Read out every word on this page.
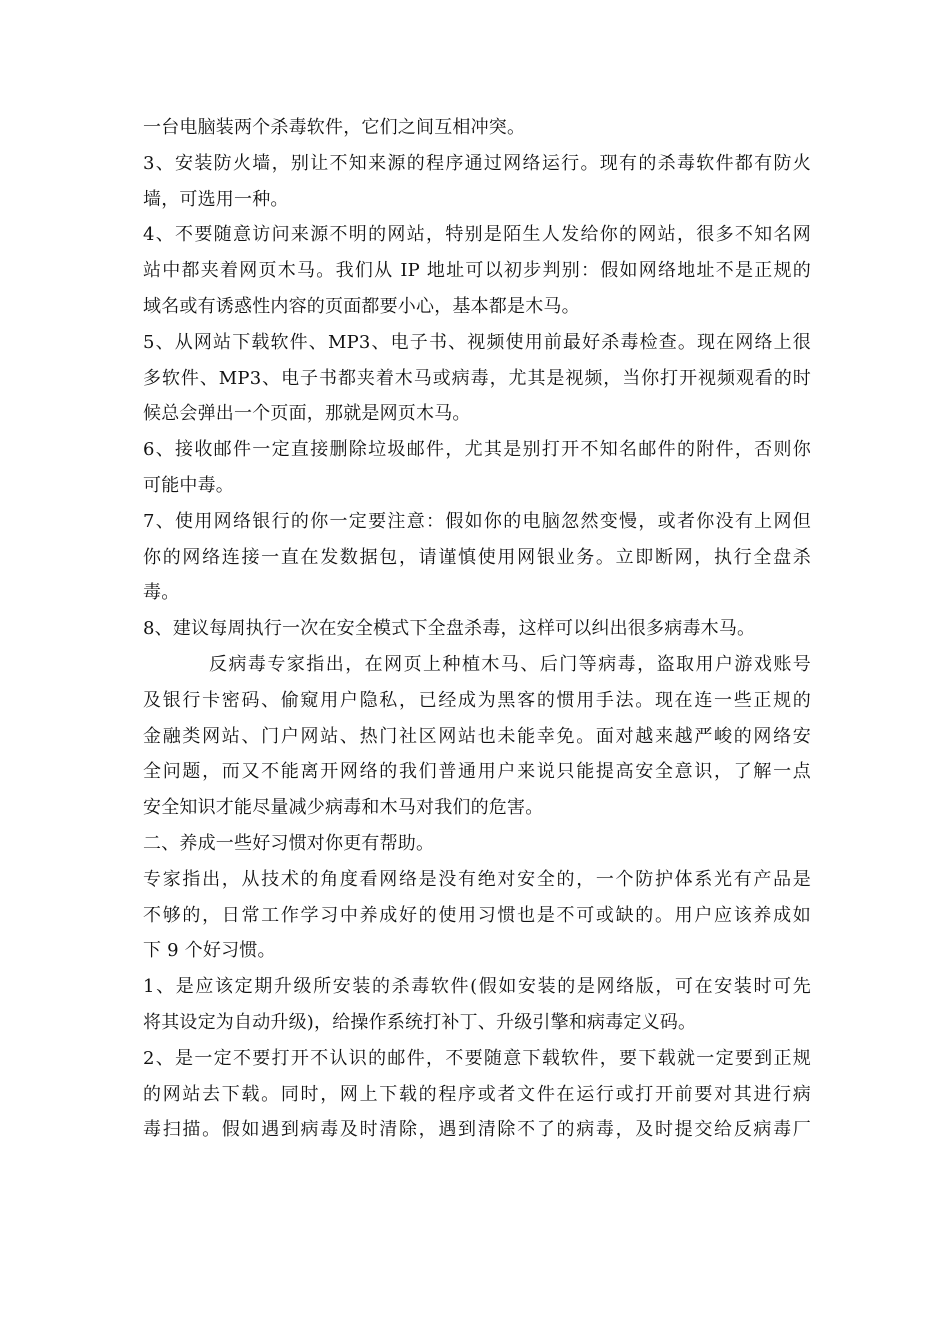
一台电脑装两个杀毒软件，它们之间互相冲突。
3、安装防火墙，别让不知来源的程序通过网络运行。现有的杀毒软件都有防火
墙，可选用一种。
4、不要随意访问来源不明的网站，特别是陌生人发给你的网站，很多不知名网
站中都夹着网页木马。我们从 IP 地址可以初步判别：假如网络地址不是正规的
域名或有诱惑性内容的页面都要小心，基本都是木马。
5、从网站下载软件、MP3、电子书、视频使用前最好杀毒检查。现在网络上很
多软件、MP3、电子书都夹着木马或病毒，尤其是视频，当你打开视频观看的时
候总会弹出一个页面，那就是网页木马。
6、接收邮件一定直接删除垃圾邮件，尤其是别打开不知名邮件的附件，否则你
可能中毒。
7、使用网络银行的你一定要注意：假如你的电脑忽然变慢，或者你没有上网但
你的网络连接一直在发数据包，请谨慎使用网银业务。立即断网，执行全盘杀
毒。
8、建议每周执行一次在安全模式下全盘杀毒，这样可以纠出很多病毒木马。
反病毒专家指出，在网页上种植木马、后门等病毒，盗取用户游戏账号
及银行卡密码、偷窥用户隐私，已经成为黑客的惯用手法。现在连一些正规的
金融类网站、门户网站、热门社区网站也未能幸免。面对越来越严峻的网络安
全问题，而又不能离开网络的我们普通用户来说只能提高安全意识，了解一点
安全知识才能尽量减少病毒和木马对我们的危害。
二、养成一些好习惯对你更有帮助。
专家指出，从技术的角度看网络是没有绝对安全的，一个防护体系光有产品是
不够的，日常工作学习中养成好的使用习惯也是不可或缺的。用户应该养成如
下 9 个好习惯。
1、是应该定期升级所安装的杀毒软件(假如安装的是网络版，可在安装时可先
将其设定为自动升级)，给操作系统打补丁、升级引擎和病毒定义码。
2、是一定不要打开不认识的邮件，不要随意下载软件，要下载就一定要到正规
的网站去下载。同时，网上下载的程序或者文件在运行或打开前要对其进行病
毒扫描。假如遇到病毒及时清除，遇到清除不了的病毒，及时提交给反病毒厂
